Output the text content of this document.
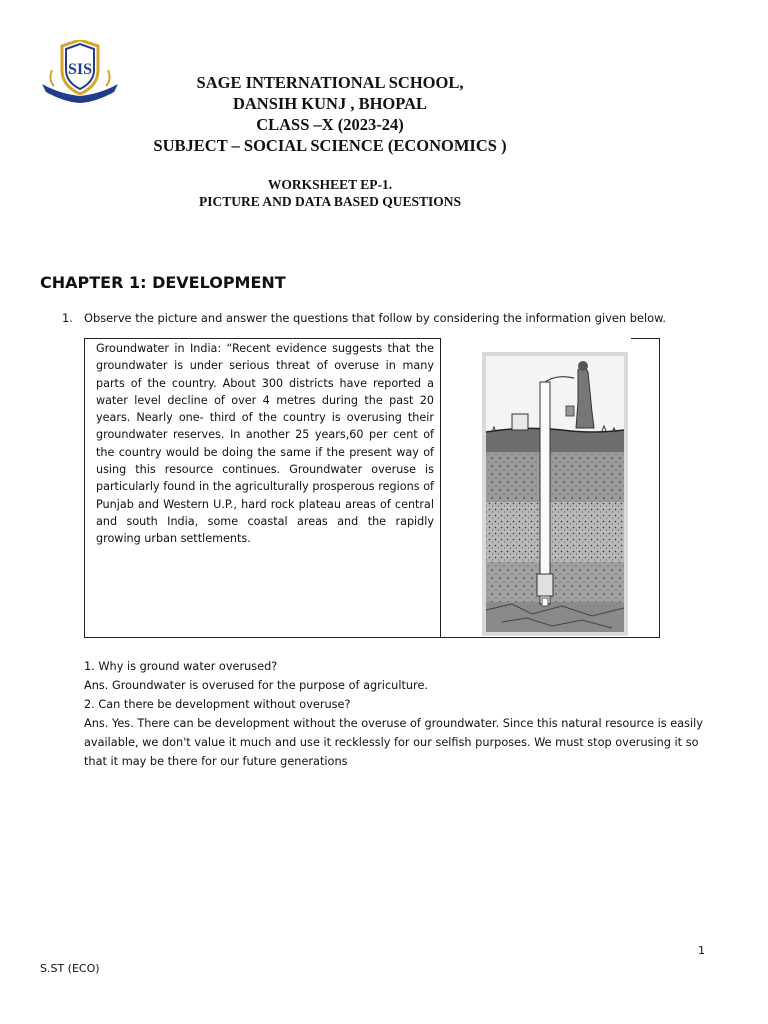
SIS
SAGE INTERNATIONAL SCHOOL,
DANSIH KUNJ , BHOPAL
CLASS –X (2023-24)
SUBJECT – SOCIAL SCIENCE (ECONOMICS )
WORKSHEET EP-1.
PICTURE AND DATA BASED QUESTIONS
CHAPTER 1: DEVELOPMENT
1. Observe the picture and answer the questions that follow by considering the information given below.
Groundwater in India: “Recent evidence suggests that the groundwater is under serious threat of overuse in many parts of the country. About 300 districts have reported a water level decline of over 4 metres during the past 20 years. Nearly one- third of the country is overusing their groundwater reserves. In another 25 years,60 per cent of the country would be doing the same if the present way of using this resource continues. Groundwater overuse is particularly found in the agriculturally prosperous regions of Punjab and Western U.P., hard rock plateau areas of central and south India, some coastal areas and the rapidly growing urban settlements.
1. Why is ground water overused?
Ans. Groundwater is overused for the purpose of agriculture.
2. Can there be development without overuse?
Ans. Yes. There can be development without the overuse of groundwater. Since this natural resource is easily available, we don't value it much and use it recklessly for our selfish purposes. We must stop overusing it so that it may be there for our future generations
1
S.ST (ECO)
